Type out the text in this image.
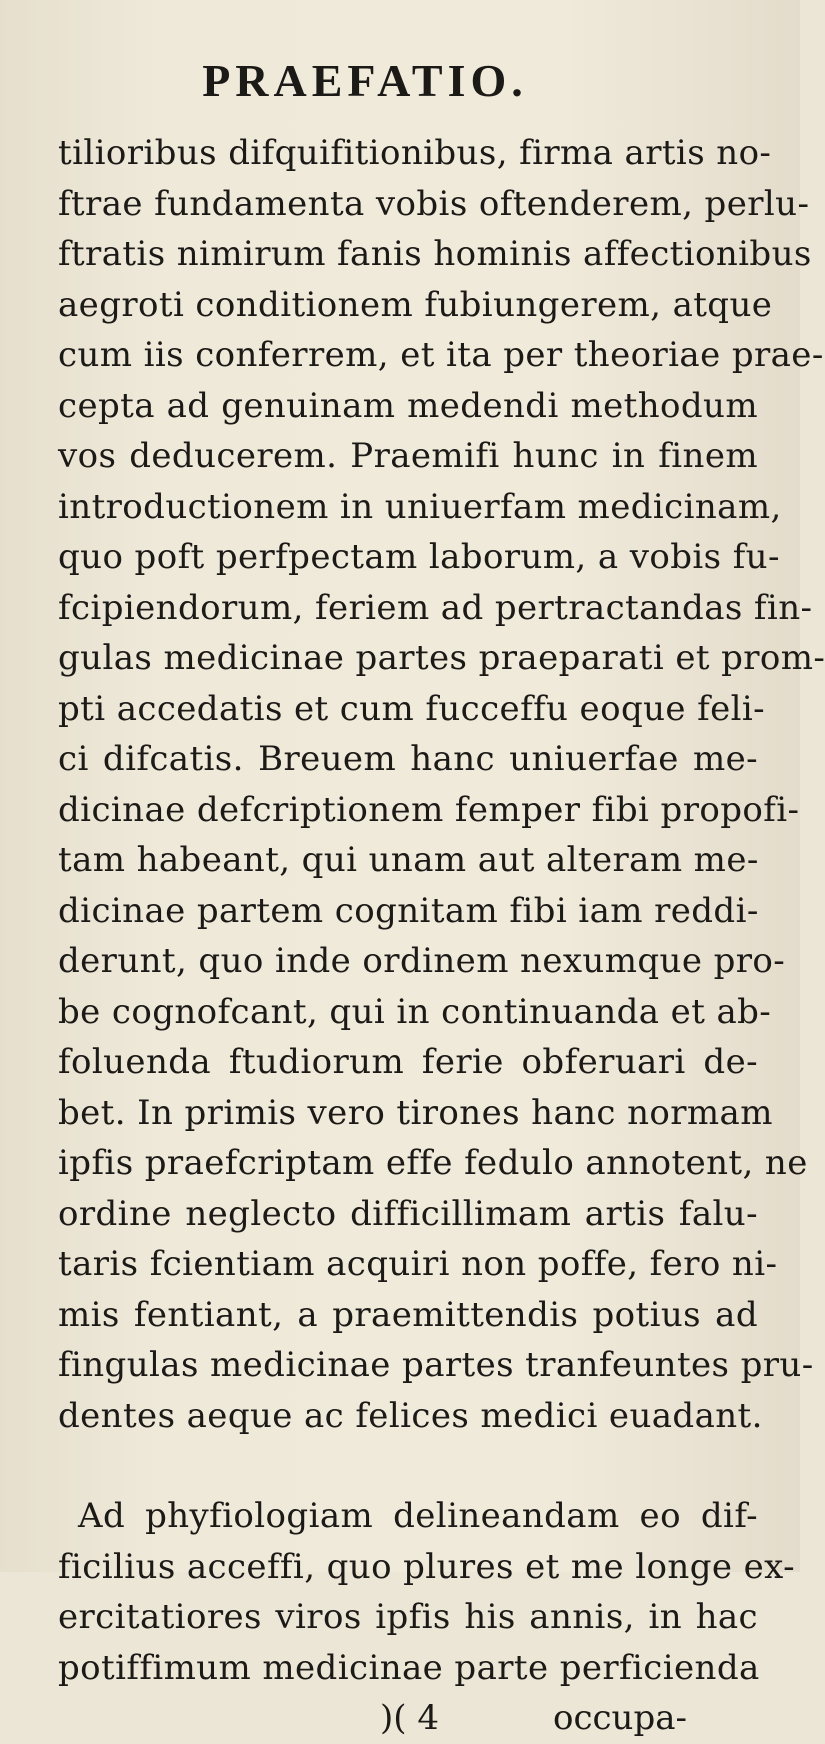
PRAEFATIO.
tilioribus difquifitionibus, firma artis no-
ftrae fundamenta vobis oftenderem, perlu-
ftratis nimirum fanis hominis affectionibus
aegroti conditionem fubiungerem, atque
cum iis conferrem, et ita per theoriae prae-
cepta ad genuinam medendi methodum
vos deducerem. Praemifi hunc in finem
introductionem in uniuerfam medicinam,
quo poft perfpectam laborum, a vobis fu-
fcipiendorum, feriem ad pertractandas fin-
gulas medicinae partes praeparati et prom-
pti accedatis et cum fucceffu eoque feli-
ci difcatis. Breuem hanc uniuerfae me-
dicinae defcriptionem femper fibi propofi-
tam habeant, qui unam aut alteram me-
dicinae partem cognitam fibi iam reddi-
derunt, quo inde ordinem nexumque pro-
be cognofcant, qui in continuanda et ab-
foluenda ftudiorum ferie obferuari de-
bet. In primis vero tirones hanc normam
ipfis praefcriptam effe fedulo annotent, ne
ordine neglecto difficillimam artis falu-
taris fcientiam acquiri non poffe, fero ni-
mis fentiant, a praemittendis potius ad
fingulas medicinae partes tranfeuntes pru-
dentes aeque ac felices medici euadant.
Ad phyfiologiam delineandam eo dif-
ficilius acceffi, quo plures et me longe ex-
ercitatiores viros ipfis his annis, in hac
potiffimum medicinae parte perficienda
)( 4	occupa-
